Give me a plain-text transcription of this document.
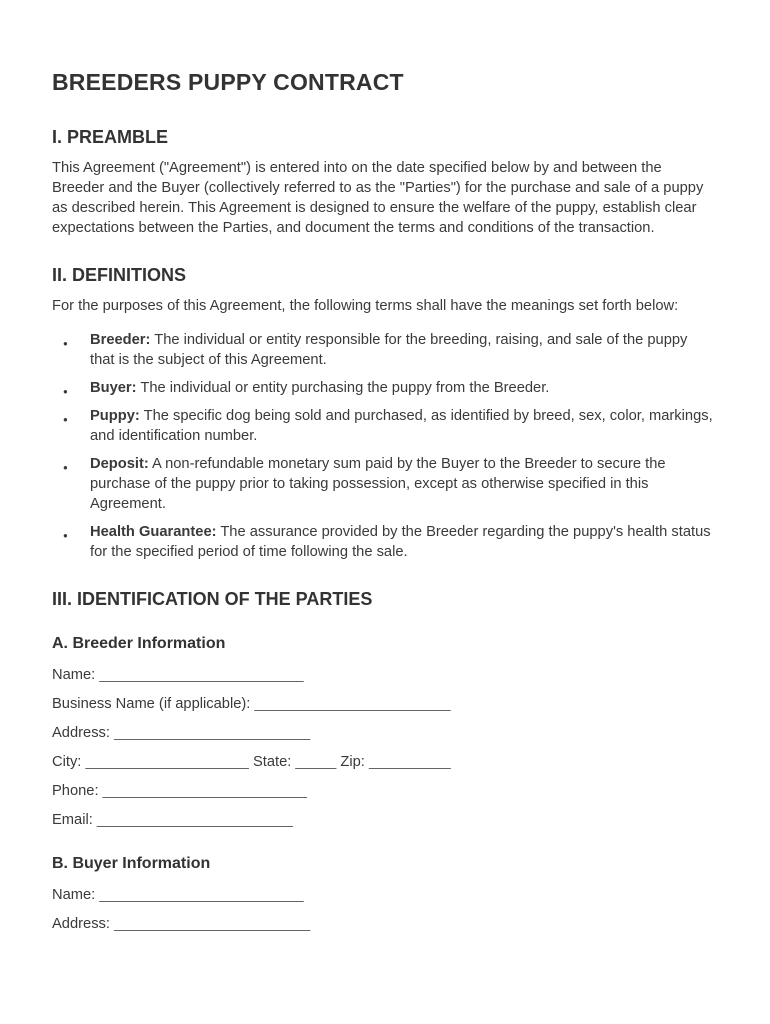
BREEDERS PUPPY CONTRACT
I. PREAMBLE

This Agreement ("Agreement") is entered into on the date specified below by and between the Breeder and the Buyer (collectively referred to as the "Parties") for the purchase and sale of a puppy as described herein. This Agreement is designed to ensure the welfare of the puppy, establish clear expectations between the Parties, and document the terms and conditions of the transaction.

II. DEFINITIONS

For the purposes of this Agreement, the following terms shall have the meanings set forth below:

● Breeder: The individual or entity responsible for the breeding, raising, and sale of the puppy that is the subject of this Agreement.
● Buyer: The individual or entity purchasing the puppy from the Breeder.
● Puppy: The specific dog being sold and purchased, as identified by breed, sex, color, markings, and identification number.
● Deposit: A non-refundable monetary sum paid by the Buyer to the Breeder to secure the purchase of the puppy prior to taking possession, except as otherwise specified in this Agreement.
● Health Guarantee: The assurance provided by the Breeder regarding the puppy's health status for the specified period of time following the sale.
III. IDENTIFICATION OF THE PARTIES
A. Breeder Information

Name: _________________________

Business Name (if applicable): ________________________

Address: ________________________

City: ____________________ State: _____ Zip: __________

Phone: _________________________

Email: ________________________

B. Buyer Information

Name: _________________________

Address: ________________________
